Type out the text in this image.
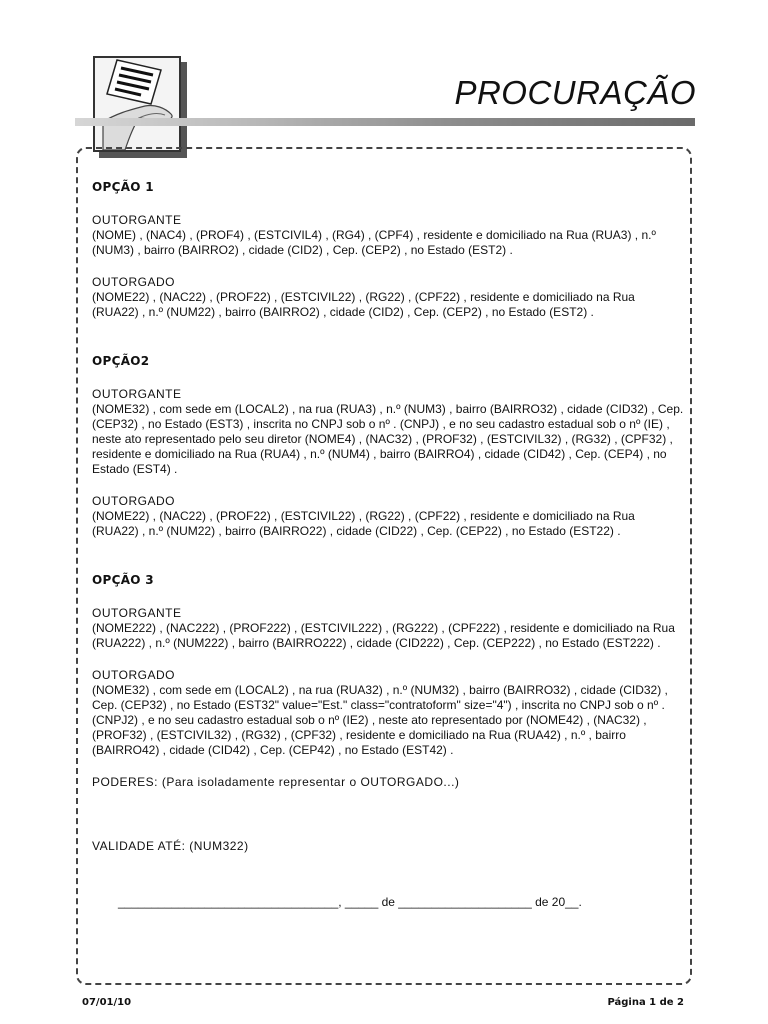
PROCURAÇÃO

OPÇÃO 1

OUTORGANTE

(NOME) , (NAC4) , (PROF4) , (ESTCIVIL4) , (RG4) , (CPF4) , residente e domiciliado na Rua (RUA3) , n.º (NUM3) , bairro (BAIRRO2) , cidade (CID2) , Cep. (CEP2) , no Estado (EST2) .

OUTORGADO

(NOME22) , (NAC22) , (PROF22) , (ESTCIVIL22) , (RG22) , (CPF22) , residente e domiciliado na Rua (RUA22) , n.º (NUM22) , bairro (BAIRRO2) , cidade (CID2) , Cep. (CEP2) , no Estado (EST2) .

OPÇÃO2

OUTORGANTE

(NOME32) , com sede em (LOCAL2) , na rua (RUA3) , n.º (NUM3) , bairro (BAIRRO32) , cidade (CID32) , Cep. (CEP32) , no Estado (EST3) , inscrita no CNPJ sob o nº . (CNPJ) , e no seu cadastro estadual sob o nº (IE) , neste ato representado pelo seu diretor (NOME4) , (NAC32) , (PROF32) , (ESTCIVIL32) , (RG32) , (CPF32) , residente e domiciliado na Rua (RUA4) , n.º (NUM4) , bairro (BAIRRO4) , cidade (CID42) , Cep. (CEP4) , no Estado (EST4) .

OUTORGADO

(NOME22) , (NAC22) , (PROF22) , (ESTCIVIL22) , (RG22) , (CPF22) , residente e domiciliado na Rua (RUA22) , n.º (NUM22) , bairro (BAIRRO22) , cidade (CID22) , Cep. (CEP22) , no Estado (EST22) .

OPÇÃO 3

OUTORGANTE

(NOME222) , (NAC222) , (PROF222) , (ESTCIVIL222) , (RG222) , (CPF222) , residente e domiciliado na Rua (RUA222) , n.º (NUM222) , bairro (BAIRRO222) , cidade (CID222) , Cep. (CEP222) , no Estado (EST222) .

OUTORGADO

(NOME32) , com sede em (LOCAL2) , na rua (RUA32) , n.º (NUM32) , bairro (BAIRRO32) , cidade (CID32) , Cep. (CEP32) , no Estado (EST32" value="Est." class="contratoform" size="4") , inscrita no CNPJ sob o nº . (CNPJ2) , e no seu cadastro estadual sob o nº (IE2) , neste ato representado por (NOME42) , (NAC32) , (PROF32) , (ESTCIVIL32) , (RG32) , (CPF32) , residente e domiciliado na Rua (RUA42) , n.º , bairro (BAIRRO42) , cidade (CID42) , Cep. (CEP42) , no Estado (EST42) .

PODERES: (Para isoladamente representar o OUTORGADO...)

VALIDADE ATÉ: (NUM322)

_________________________________, _____ de ____________________ de 20__.
07/01/10	Página 1 de 2
